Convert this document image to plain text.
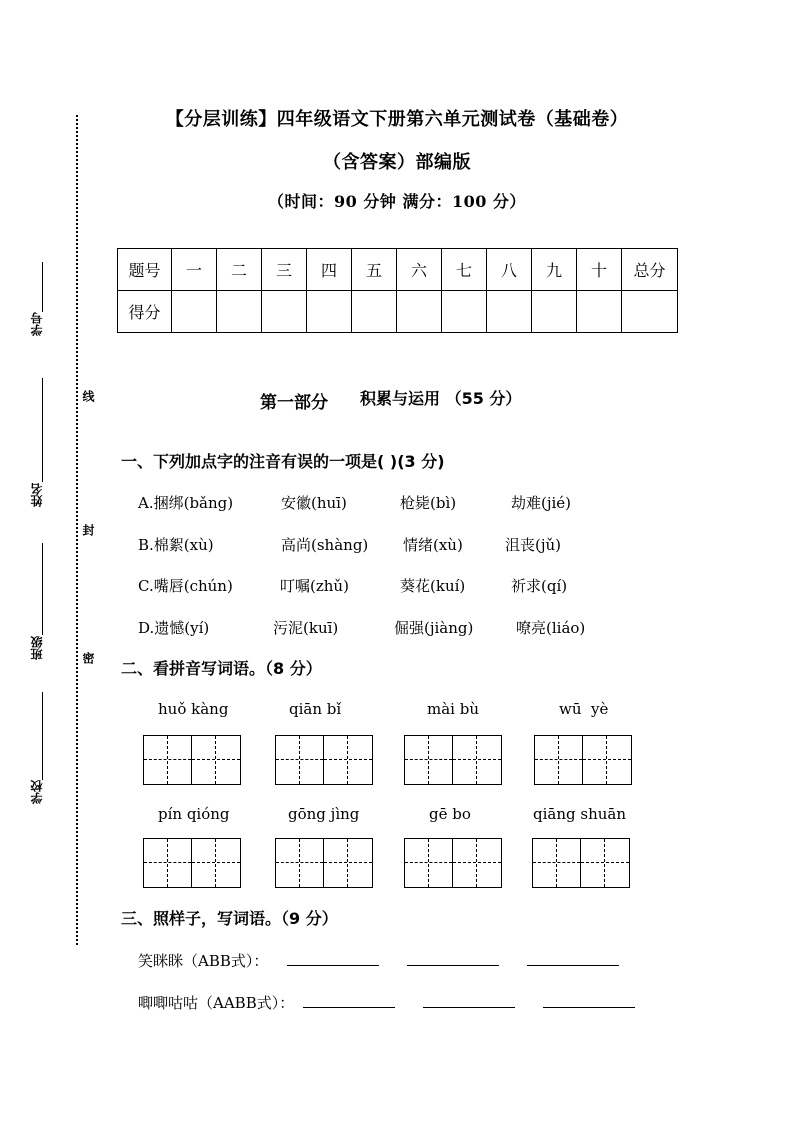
【分层训练】四年级语文下册第六单元测试卷（基础卷）
（含答案）部编版
（时间：90 分钟 满分：100 分）
学号
姓名
班级
学校
线
封
密
题号	一	二	三	四	五	六	七	八	九	十	总分
得分											
第一部分 积累与运用 （55 分）
一、下列加点字的注音有误的一项是( )(3 分)
A.捆绑(bǎng)	安徽(huī)	枪毙(bì)	劫难(jié)
B.棉絮(xù)	高尚(shàng) 情绪(xù)	沮丧(jǔ)
C.嘴唇(chún)	叮嘱(zhǔ)	葵花(kuí)	祈求(qí)
D.遗憾(yí)	污泥(kuī)	倔强(jiàng)	嘹亮(liáo)
二、看拼音写词语。（8 分）
huǒ kàng	qiān bǐ	mài bù	wū  yè
pín qióng	gōng jìng	gē bo	qiāng shuān
三、照样子，写词语。（9 分）
笑眯眯（ABB式）：
唧唧咕咕（AABB式）：
